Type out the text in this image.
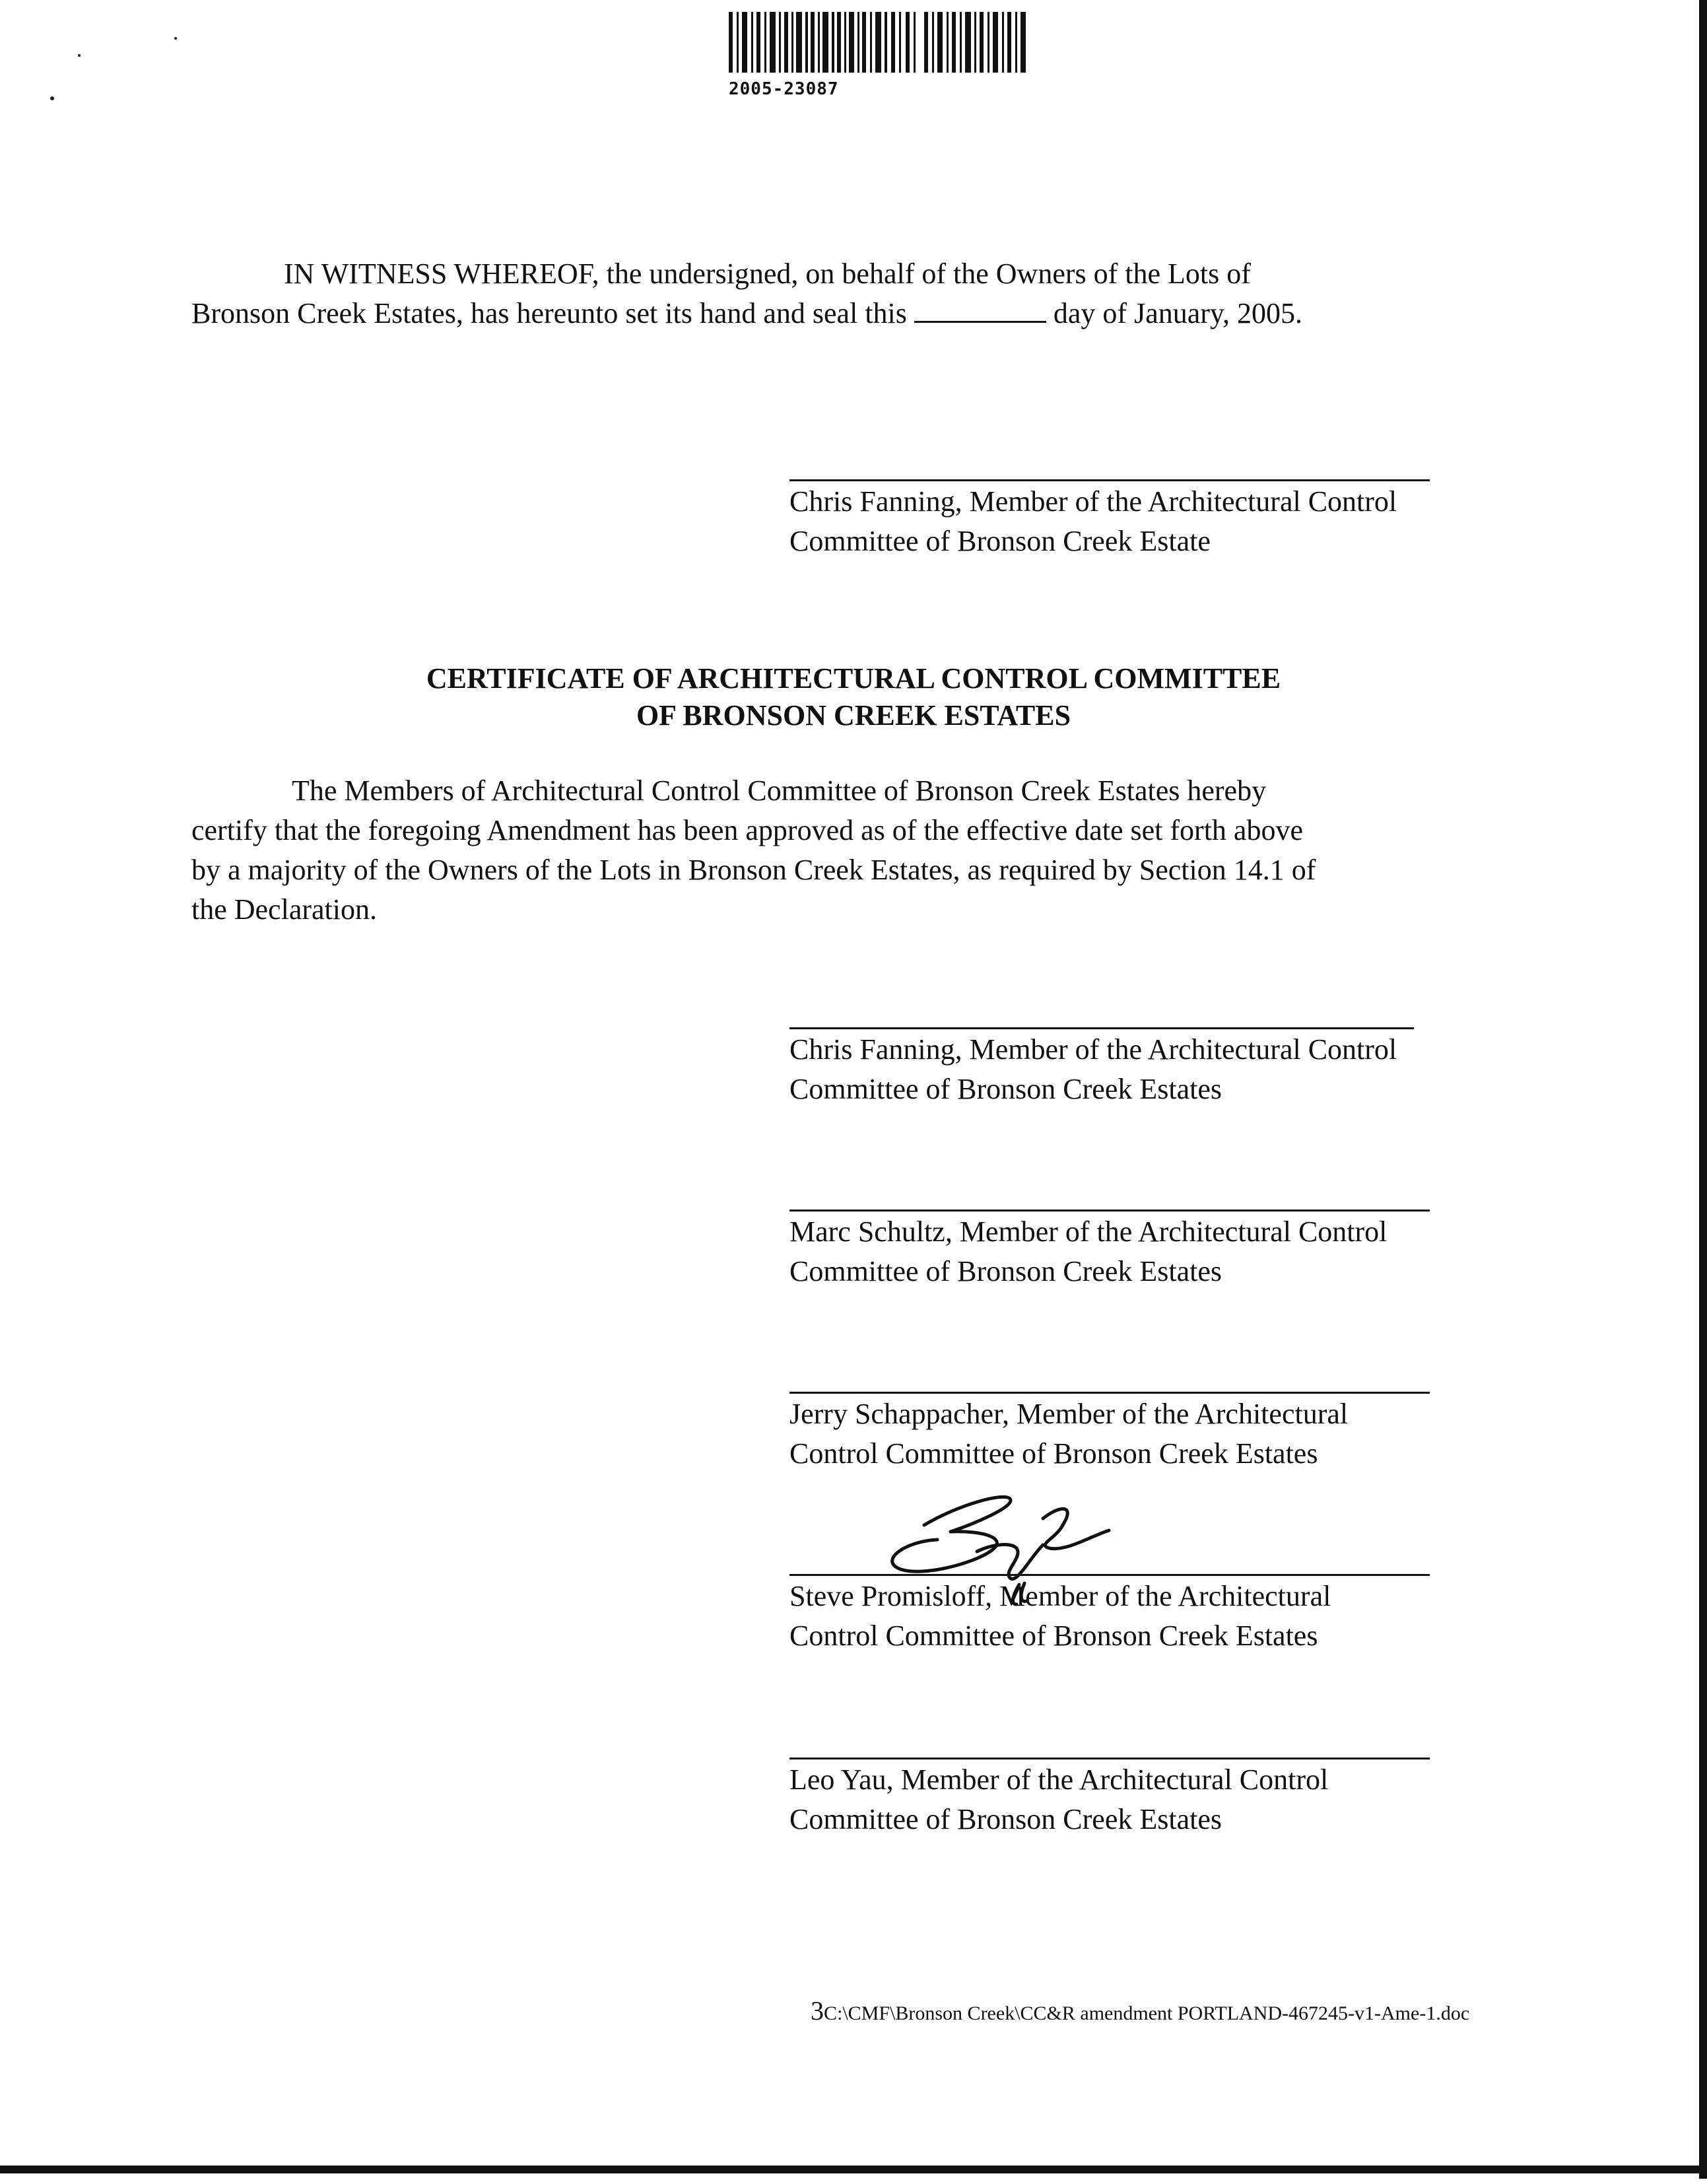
2005-23087
IN WITNESS WHEREOF, the undersigned, on behalf of the Owners of the Lots of
Bronson Creek Estates, has hereunto set its hand and seal this	day of January, 2005.
Chris Fanning, Member of the Architectural Control
Committee of Bronson Creek Estate
CERTIFICATE OF ARCHITECTURAL CONTROL COMMITTEE
OF BRONSON CREEK ESTATES
The Members of Architectural Control Committee of Bronson Creek Estates hereby
certify that the foregoing Amendment has been approved as of the effective date set forth above
by a majority of the Owners of the Lots in Bronson Creek Estates, as required by Section 14.1 of
the Declaration.
Chris Fanning, Member of the Architectural Control
Committee of Bronson Creek Estates
Marc Schultz, Member of the Architectural Control
Committee of Bronson Creek Estates
Jerry Schappacher, Member of the Architectural
Control Committee of Bronson Creek Estates
Steve Promisloff, Member of the Architectural
Control Committee of Bronson Creek Estates
Leo Yau, Member of the Architectural Control
Committee of Bronson Creek Estates
3C:\CMF\Bronson Creek\CC&R amendment PORTLAND-467245-v1-Ame-1.doc
